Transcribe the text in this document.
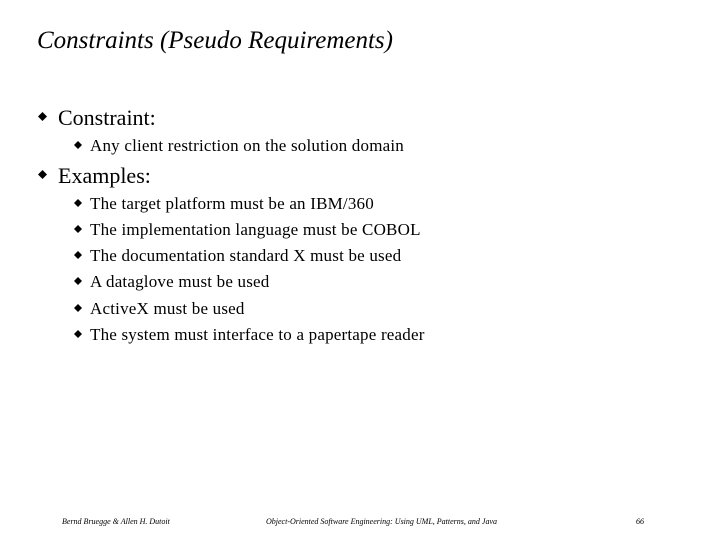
Constraints (Pseudo Requirements)
Constraint:
Any client restriction on the solution domain
Examples:
The target platform must be an IBM/360
The implementation language must be COBOL
The documentation standard X must be used
A dataglove must be used
ActiveX must be used
The system must interface to a papertape reader
Bernd Bruegge & Allen H. Dutoit	Object-Oriented Software Engineering: Using UML, Patterns, and Java	66
